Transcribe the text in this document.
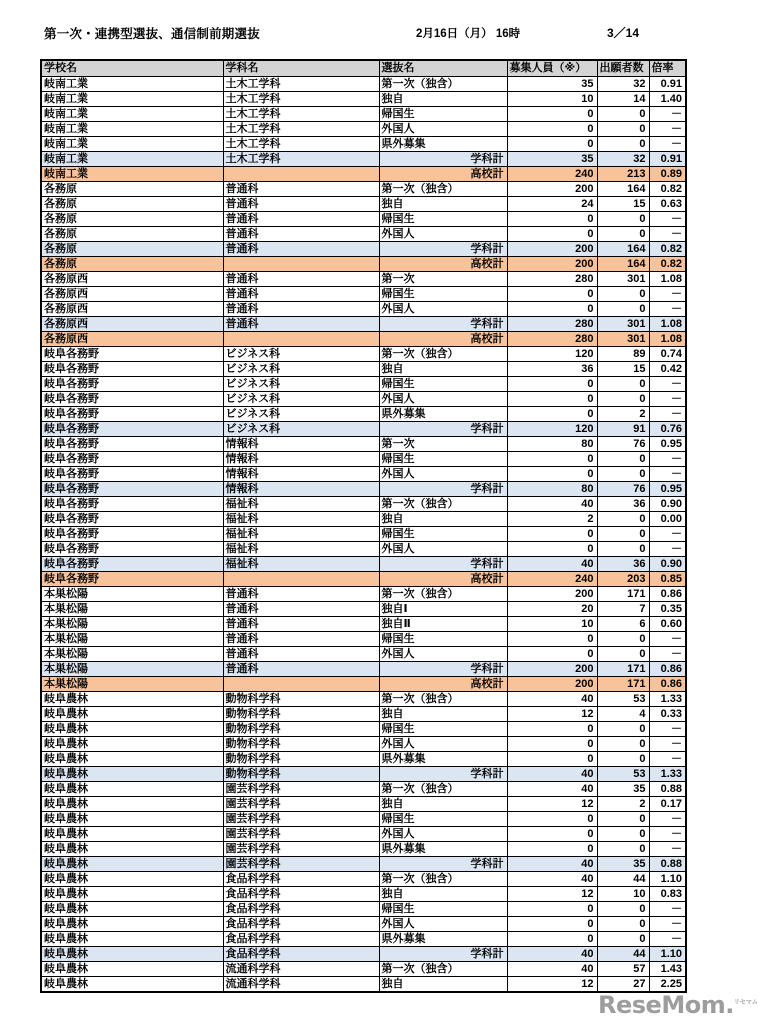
第一次・連携型選抜、通信制前期選抜	2月16日（月） 16時	3／14
学校名	学科名	選抜名	募集人員（※）	出願者数	倍率
岐南工業	土木工学科	第一次（独含）	35	32	0.91
岐南工業	土木工学科	独自	10	14	1.40
岐南工業	土木工学科	帰国生	0	0	－
岐南工業	土木工学科	外国人	0	0	－
岐南工業	土木工学科	県外募集	0	0	－
岐南工業	土木工学科	学科計	35	32	0.91
岐南工業		高校計	240	213	0.89
各務原	普通科	第一次（独含）	200	164	0.82
各務原	普通科	独自	24	15	0.63
各務原	普通科	帰国生	0	0	－
各務原	普通科	外国人	0	0	－
各務原	普通科	学科計	200	164	0.82
各務原		高校計	200	164	0.82
各務原西	普通科	第一次	280	301	1.08
各務原西	普通科	帰国生	0	0	－
各務原西	普通科	外国人	0	0	－
各務原西	普通科	学科計	280	301	1.08
各務原西		高校計	280	301	1.08
岐阜各務野	ビジネス科	第一次（独含）	120	89	0.74
岐阜各務野	ビジネス科	独自	36	15	0.42
岐阜各務野	ビジネス科	帰国生	0	0	－
岐阜各務野	ビジネス科	外国人	0	0	－
岐阜各務野	ビジネス科	県外募集	0	2	－
岐阜各務野	ビジネス科	学科計	120	91	0.76
岐阜各務野	情報科	第一次	80	76	0.95
岐阜各務野	情報科	帰国生	0	0	－
岐阜各務野	情報科	外国人	0	0	－
岐阜各務野	情報科	学科計	80	76	0.95
岐阜各務野	福祉科	第一次（独含）	40	36	0.90
岐阜各務野	福祉科	独自	2	0	0.00
岐阜各務野	福祉科	帰国生	0	0	－
岐阜各務野	福祉科	外国人	0	0	－
岐阜各務野	福祉科	学科計	40	36	0.90
岐阜各務野		高校計	240	203	0.85
本巣松陽	普通科	第一次（独含）	200	171	0.86
本巣松陽	普通科	独自Ⅰ	20	7	0.35
本巣松陽	普通科	独自Ⅱ	10	6	0.60
本巣松陽	普通科	帰国生	0	0	－
本巣松陽	普通科	外国人	0	0	－
本巣松陽	普通科	学科計	200	171	0.86
本巣松陽		高校計	200	171	0.86
岐阜農林	動物科学科	第一次（独含）	40	53	1.33
岐阜農林	動物科学科	独自	12	4	0.33
岐阜農林	動物科学科	帰国生	0	0	－
岐阜農林	動物科学科	外国人	0	0	－
岐阜農林	動物科学科	県外募集	0	0	－
岐阜農林	動物科学科	学科計	40	53	1.33
岐阜農林	園芸科学科	第一次（独含）	40	35	0.88
岐阜農林	園芸科学科	独自	12	2	0.17
岐阜農林	園芸科学科	帰国生	0	0	－
岐阜農林	園芸科学科	外国人	0	0	－
岐阜農林	園芸科学科	県外募集	0	0	－
岐阜農林	園芸科学科	学科計	40	35	0.88
岐阜農林	食品科学科	第一次（独含）	40	44	1.10
岐阜農林	食品科学科	独自	12	10	0.83
岐阜農林	食品科学科	帰国生	0	0	－
岐阜農林	食品科学科	外国人	0	0	－
岐阜農林	食品科学科	県外募集	0	0	－
岐阜農林	食品科学科	学科計	40	44	1.10
岐阜農林	流通科学科	第一次（独含）	40	57	1.43
岐阜農林	流通科学科	独自	12	27	2.25
ReseMom.$^{リセマム}$
